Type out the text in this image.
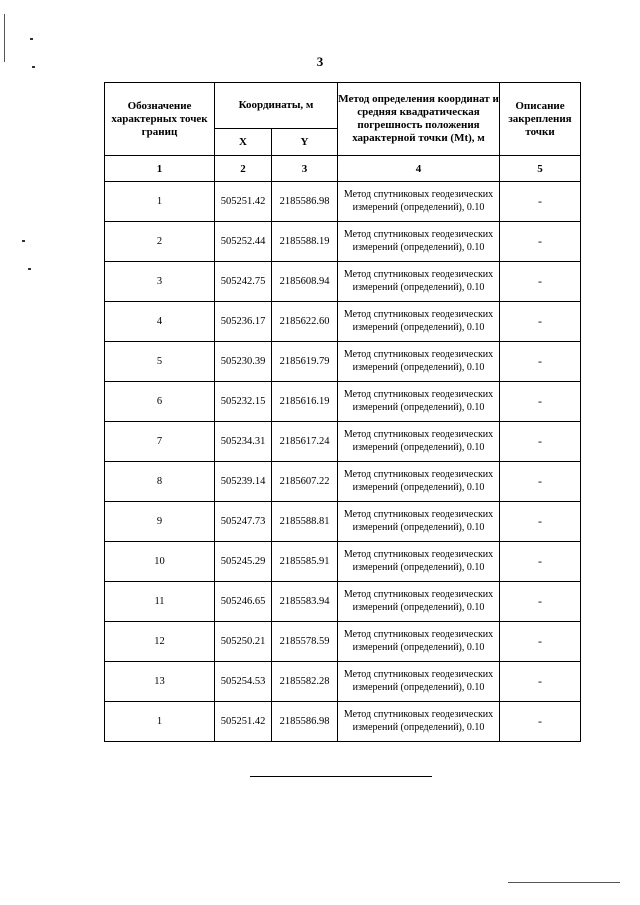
3
Обозначение характерных точек границ	Координаты, м		Метод определения координат и средняя квадратическая погрешность положения характерной точки (Mt), м	Описание закрепления точки
	X	Y		
1	2	3	4	5
1	505251.42	2185586.98	Метод спутниковых геодезических измерений (определений), 0.10	-
2	505252.44	2185588.19	Метод спутниковых геодезических измерений (определений), 0.10	-
3	505242.75	2185608.94	Метод спутниковых геодезических измерений (определений), 0.10	-
4	505236.17	2185622.60	Метод спутниковых геодезических измерений (определений), 0.10	-
5	505230.39	2185619.79	Метод спутниковых геодезических измерений (определений), 0.10	-
6	505232.15	2185616.19	Метод спутниковых геодезических измерений (определений), 0.10	-
7	505234.31	2185617.24	Метод спутниковых геодезических измерений (определений), 0.10	-
8	505239.14	2185607.22	Метод спутниковых геодезических измерений (определений), 0.10	-
9	505247.73	2185588.81	Метод спутниковых геодезических измерений (определений), 0.10	-
10	505245.29	2185585.91	Метод спутниковых геодезических измерений (определений), 0.10	-
11	505246.65	2185583.94	Метод спутниковых геодезических измерений (определений), 0.10	-
12	505250.21	2185578.59	Метод спутниковых геодезических измерений (определений), 0.10	-
13	505254.53	2185582.28	Метод спутниковых геодезических измерений (определений), 0.10	-
1	505251.42	2185586.98	Метод спутниковых геодезических измерений (определений), 0.10	-
